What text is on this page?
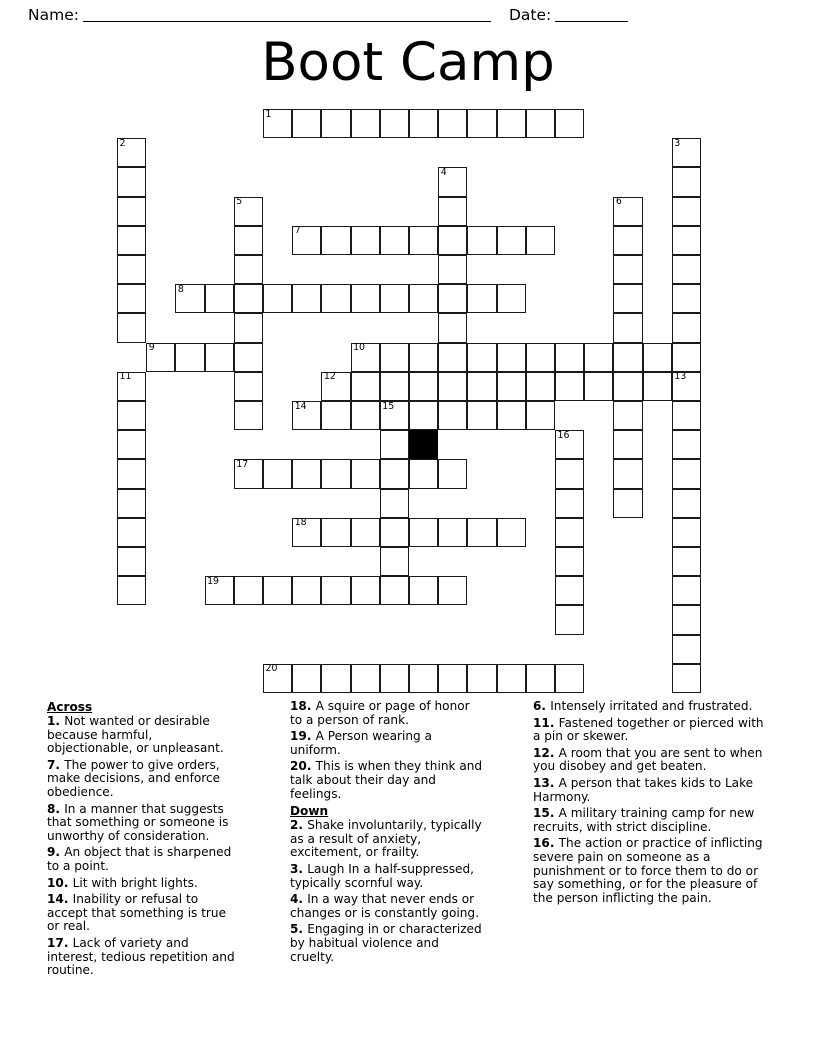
Name:	Date:
Boot Camp
1
2	3
4
5	6
7
8
9	10
11	12	13
14	15
16
17
18
19
20
Across
1. Not wanted or desirable because harmful, objectionable, or unpleasant.
7. The power to give orders, make decisions, and enforce obedience.
8. In a manner that suggests that something or someone is unworthy of consideration.
9. An object that is sharpened to a point.
10. Lit with bright lights.
14. Inability or refusal to accept that something is true or real.
17. Lack of variety and interest, tedious repetition and routine.
18. A squire or page of honor to a person of rank.
19. A Person wearing a uniform.
20. This is when they think and talk about their day and feelings.
Down
2. Shake involuntarily, typically as a result of anxiety, excitement, or frailty.
3. Laugh In a half-suppressed, typically scornful way.
4. In a way that never ends or changes or is constantly going.
5. Engaging in or characterized by habitual violence and cruelty.
6. Intensely irritated and frustrated.
11. Fastened together or pierced with a pin or skewer.
12. A room that you are sent to when you disobey and get beaten.
13. A person that takes kids to Lake Harmony.
15. A military training camp for new recruits, with strict discipline.
16. The action or practice of inflicting severe pain on someone as a punishment or to force them to do or say something, or for the pleasure of the person inflicting the pain.
